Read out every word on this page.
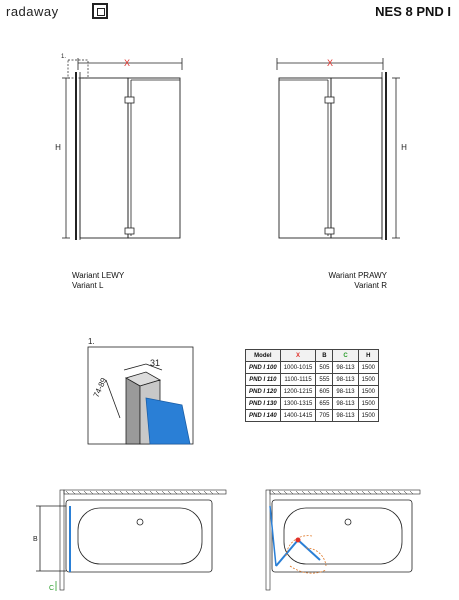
radaway	NES 8 PND I
X
H
1.
X
H
1.
31
74-89
B
C
Wariant LEWY
Variant L
Wariant PRAWY
Variant R
Model	X	B	C	H
PND I 100	1000-1015	505	98-113	1500
PND I 110	1100-1115	555	98-113	1500
PND I 120	1200-1215	605	98-113	1500
PND I 130	1300-1315	655	98-113	1500
PND I 140	1400-1415	705	98-113	1500
